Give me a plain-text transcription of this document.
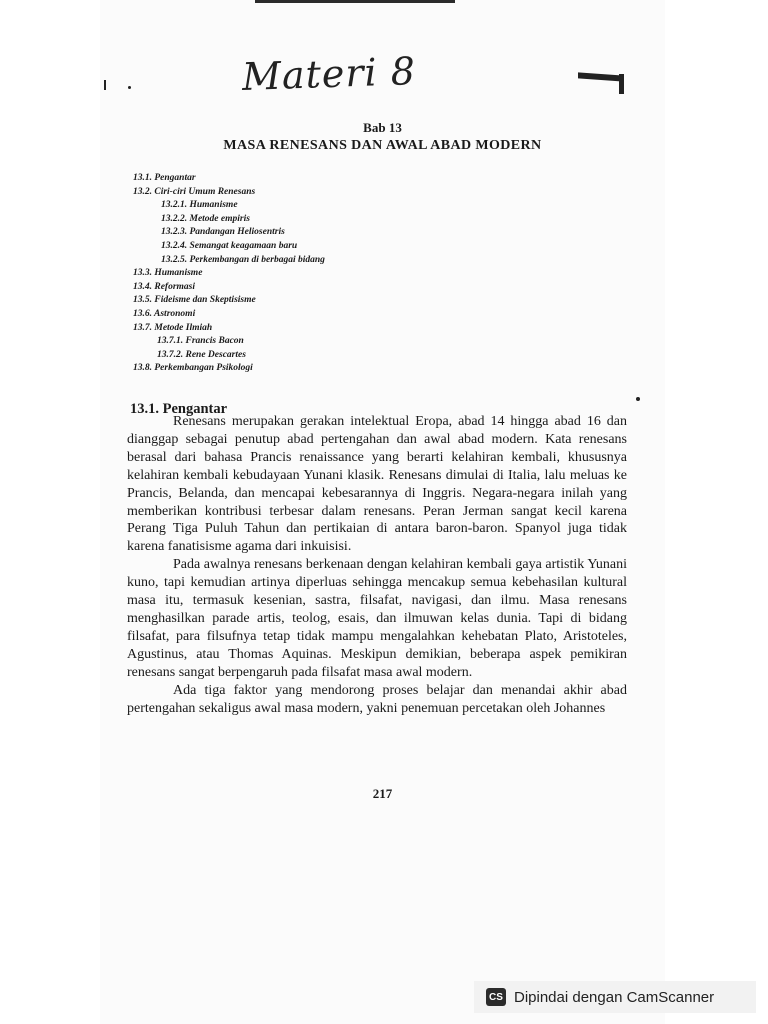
Materi 8
Bab 13
MASA RENESANS DAN AWAL ABAD MODERN
13.1. Pengantar
13.2. Ciri-ciri Umum Renesans
13.2.1. Humanisme
13.2.2. Metode empiris
13.2.3. Pandangan Heliosentris
13.2.4. Semangat keagamaan baru
13.2.5. Perkembangan di berbagai bidang
13.3. Humanisme
13.4. Reformasi
13.5. Fideisme dan Skeptisisme
13.6. Astronomi
13.7. Metode Ilmiah
13.7.1. Francis Bacon
13.7.2. Rene Descartes
13.8. Perkembangan Psikologi
13.1. Pengantar

Renesans merupakan gerakan intelektual Eropa, abad 14 hingga abad 16 dan dianggap sebagai penutup abad pertengahan dan awal abad modern. Kata renesans berasal dari bahasa Prancis renaissance yang berarti kelahiran kembali, khususnya kelahiran kembali kebudayaan Yunani klasik. Renesans dimulai di Italia, lalu meluas ke Prancis, Belanda, dan mencapai kebesarannya di Inggris. Negara-negara inilah yang memberikan kontribusi terbesar dalam renesans. Peran Jerman sangat kecil karena Perang Tiga Puluh Tahun dan pertikaian di antara baron-baron. Spanyol juga tidak karena fanatisisme agama dari inkuisisi.

Pada awalnya renesans berkenaan dengan kelahiran kembali gaya artistik Yunani kuno, tapi kemudian artinya diperluas sehingga mencakup semua kebehasilan kultural masa itu, termasuk kesenian, sastra, filsafat, navigasi, dan ilmu. Masa renesans menghasilkan parade artis, teolog, esais, dan ilmuwan kelas dunia. Tapi di bidang filsafat, para filsufnya tetap tidak mampu mengalahkan kehebatan Plato, Aristoteles, Agustinus, atau Thomas Aquinas. Meskipun demikian, beberapa aspek pemikiran renesans sangat berpengaruh pada filsafat masa awal modern.

Ada tiga faktor yang mendorong proses belajar dan menandai akhir abad pertengahan sekaligus awal masa modern, yakni penemuan percetakan oleh Johannes

217
CS Dipindai dengan CamScanner
